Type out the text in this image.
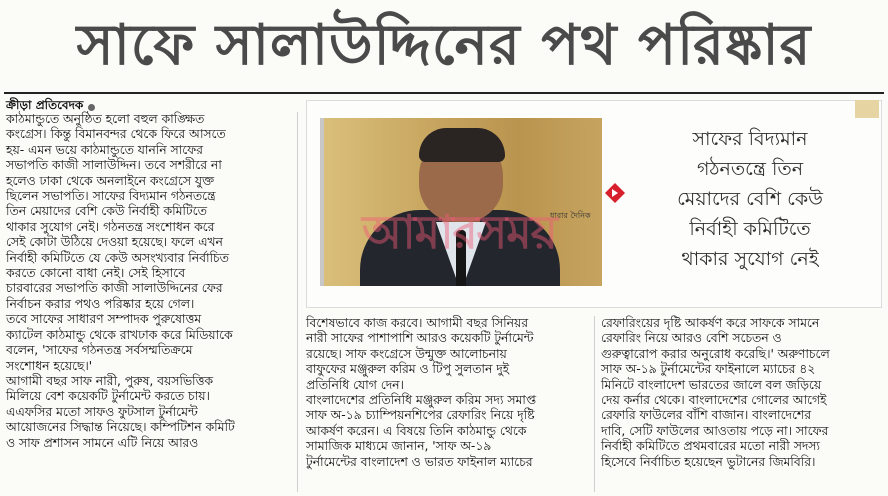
সাফে সালাউদ্দিনের পথ পরিষ্কার
ক্রীড়া প্রতিবেদক

কাঠমান্ডুতে অনুষ্ঠিত হলো বহুল কাঙ্ক্ষিত

কংগ্রেস। কিন্তু বিমানবন্দর থেকে ফিরে আসতে

হয়- এমন ভয়ে কাঠমান্ডুতে যাননি সাফের

সভাপতি কাজী সালাউদ্দিন। তবে সশরীরে না

হলেও ঢাকা থেকে অনলাইনে কংগ্রেসে যুক্ত

ছিলেন সভাপতি। সাফের বিদ্যমান গঠনতন্ত্রে

তিন মেয়াদের বেশি কেউ নির্বাহী কমিটিতে

থাকার সুযোগ নেই। গঠনতন্ত্র সংশোধন করে

সেই কোটা উঠিয়ে দেওয়া হয়েছে। ফলে এখন

নির্বাহী কমিটিতে যে কেউ অসংখ্যবার নির্বাচিত

করতে কোনো বাধা নেই। সেই হিসাবে

চারবারের সভাপতি কাজী সালাউদ্দিনের ফের

নির্বাচন করার পথও পরিষ্কার হয়ে গেল।

তবে সাফের সাধারণ সম্পাদক পুরুষোত্তম

ক্যাটেল কাঠমান্ডু থেকে রাখঢাক করে মিডিয়াকে

বলেন, 'সাফের গঠনতন্ত্র সর্বসম্মতিক্রমে

সংশোধন হয়েছে।'

আগামী বছর সাফ নারী, পুরুষ, বয়সভিত্তিক

মিলিয়ে বেশ কয়েকটি টুর্নামেন্ট করতে চায়।

এএফসির মতো সাফও ফুটসাল টুর্নামেন্ট

আয়োজনের সিদ্ধান্ত নিয়েছে। কম্পিটিশন কমিটি

ও সাফ প্রশাসন সামনে এটি নিয়ে আরও

ধারার দৈনিক
আমারসময়

সাফের বিদ্যমান

গঠনতন্ত্রে তিন

মেয়াদের বেশি কেউ

নির্বাহী কমিটিতে

থাকার সুযোগ নেই

বিশেষভাবে কাজ করবে। আগামী বছর সিনিয়র

নারী সাফের পাশাপাশি আরও কয়েকটি টুর্নামেন্ট

রয়েছে। সাফ কংগ্রেসে উন্মুক্ত আলোচনায়

বাফুফের মঞ্জুরুল করিম ও টিপু সুলতান দুই

প্রতিনিধি যোগ দেন।

বাংলাদেশের প্রতিনিধি মঞ্জুরুল করিম সদ্য সমাপ্ত

সাফ অ-১৯ চ্যাম্পিয়নশিপের রেফারিং নিয়ে দৃষ্টি

আকর্ষণ করেন। এ বিষয়ে তিনি কাঠমান্ডু থেকে

সামাজিক মাধ্যমে জানান, 'সাফ অ-১৯

টুর্নামেন্টের বাংলাদেশ ও ভারত ফাইনাল ম্যাচের

রেফারিংয়ের দৃষ্টি আকর্ষণ করে সাফকে সামনে

রেফারিং নিয়ে আরও বেশি সচেতন ও

গুরুত্বারোপ করার অনুরোধ করেছি।' অরুণাচলে

সাফ অ-১৯ টুর্নামেন্টের ফাইনালে ম্যাচের ৪২

মিনিটে বাংলাদেশ ভারতের জালে বল জড়িয়ে

দেয় কর্নার থেকে। বাংলাদেশের গোলের আগেই

রেফারি ফাউলের বাঁশি বাজান। বাংলাদেশের

দাবি, সেটি ফাউলের আওতায় পড়ে না। সাফের

নির্বাহী কমিটিতে প্রথমবারের মতো নারী সদস্য

হিসেবে নির্বাচিত হয়েছেন ভুটানের জিমবিরি।
